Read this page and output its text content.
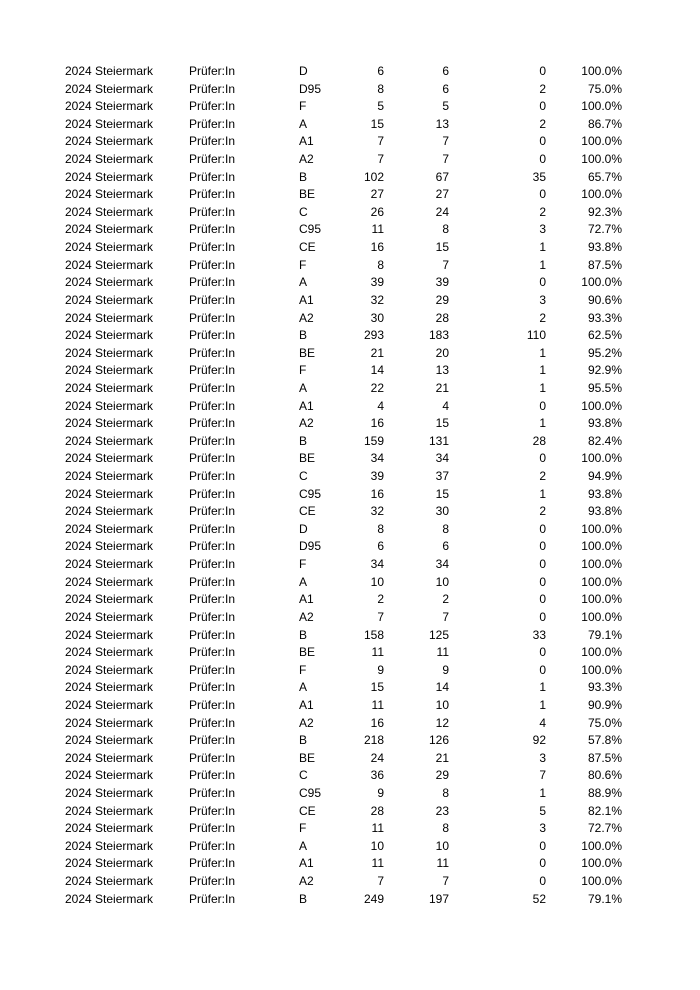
2024 Steiermark	Prüfer:In	D	6	6	0	100.0%
2024 Steiermark	Prüfer:In	D95	8	6	2	75.0%
2024 Steiermark	Prüfer:In	F	5	5	0	100.0%
2024 Steiermark	Prüfer:In	A	15	13	2	86.7%
2024 Steiermark	Prüfer:In	A1	7	7	0	100.0%
2024 Steiermark	Prüfer:In	A2	7	7	0	100.0%
2024 Steiermark	Prüfer:In	B	102	67	35	65.7%
2024 Steiermark	Prüfer:In	BE	27	27	0	100.0%
2024 Steiermark	Prüfer:In	C	26	24	2	92.3%
2024 Steiermark	Prüfer:In	C95	11	8	3	72.7%
2024 Steiermark	Prüfer:In	CE	16	15	1	93.8%
2024 Steiermark	Prüfer:In	F	8	7	1	87.5%
2024 Steiermark	Prüfer:In	A	39	39	0	100.0%
2024 Steiermark	Prüfer:In	A1	32	29	3	90.6%
2024 Steiermark	Prüfer:In	A2	30	28	2	93.3%
2024 Steiermark	Prüfer:In	B	293	183	110	62.5%
2024 Steiermark	Prüfer:In	BE	21	20	1	95.2%
2024 Steiermark	Prüfer:In	F	14	13	1	92.9%
2024 Steiermark	Prüfer:In	A	22	21	1	95.5%
2024 Steiermark	Prüfer:In	A1	4	4	0	100.0%
2024 Steiermark	Prüfer:In	A2	16	15	1	93.8%
2024 Steiermark	Prüfer:In	B	159	131	28	82.4%
2024 Steiermark	Prüfer:In	BE	34	34	0	100.0%
2024 Steiermark	Prüfer:In	C	39	37	2	94.9%
2024 Steiermark	Prüfer:In	C95	16	15	1	93.8%
2024 Steiermark	Prüfer:In	CE	32	30	2	93.8%
2024 Steiermark	Prüfer:In	D	8	8	0	100.0%
2024 Steiermark	Prüfer:In	D95	6	6	0	100.0%
2024 Steiermark	Prüfer:In	F	34	34	0	100.0%
2024 Steiermark	Prüfer:In	A	10	10	0	100.0%
2024 Steiermark	Prüfer:In	A1	2	2	0	100.0%
2024 Steiermark	Prüfer:In	A2	7	7	0	100.0%
2024 Steiermark	Prüfer:In	B	158	125	33	79.1%
2024 Steiermark	Prüfer:In	BE	11	11	0	100.0%
2024 Steiermark	Prüfer:In	F	9	9	0	100.0%
2024 Steiermark	Prüfer:In	A	15	14	1	93.3%
2024 Steiermark	Prüfer:In	A1	11	10	1	90.9%
2024 Steiermark	Prüfer:In	A2	16	12	4	75.0%
2024 Steiermark	Prüfer:In	B	218	126	92	57.8%
2024 Steiermark	Prüfer:In	BE	24	21	3	87.5%
2024 Steiermark	Prüfer:In	C	36	29	7	80.6%
2024 Steiermark	Prüfer:In	C95	9	8	1	88.9%
2024 Steiermark	Prüfer:In	CE	28	23	5	82.1%
2024 Steiermark	Prüfer:In	F	11	8	3	72.7%
2024 Steiermark	Prüfer:In	A	10	10	0	100.0%
2024 Steiermark	Prüfer:In	A1	11	11	0	100.0%
2024 Steiermark	Prüfer:In	A2	7	7	0	100.0%
2024 Steiermark	Prüfer:In	B	249	197	52	79.1%
